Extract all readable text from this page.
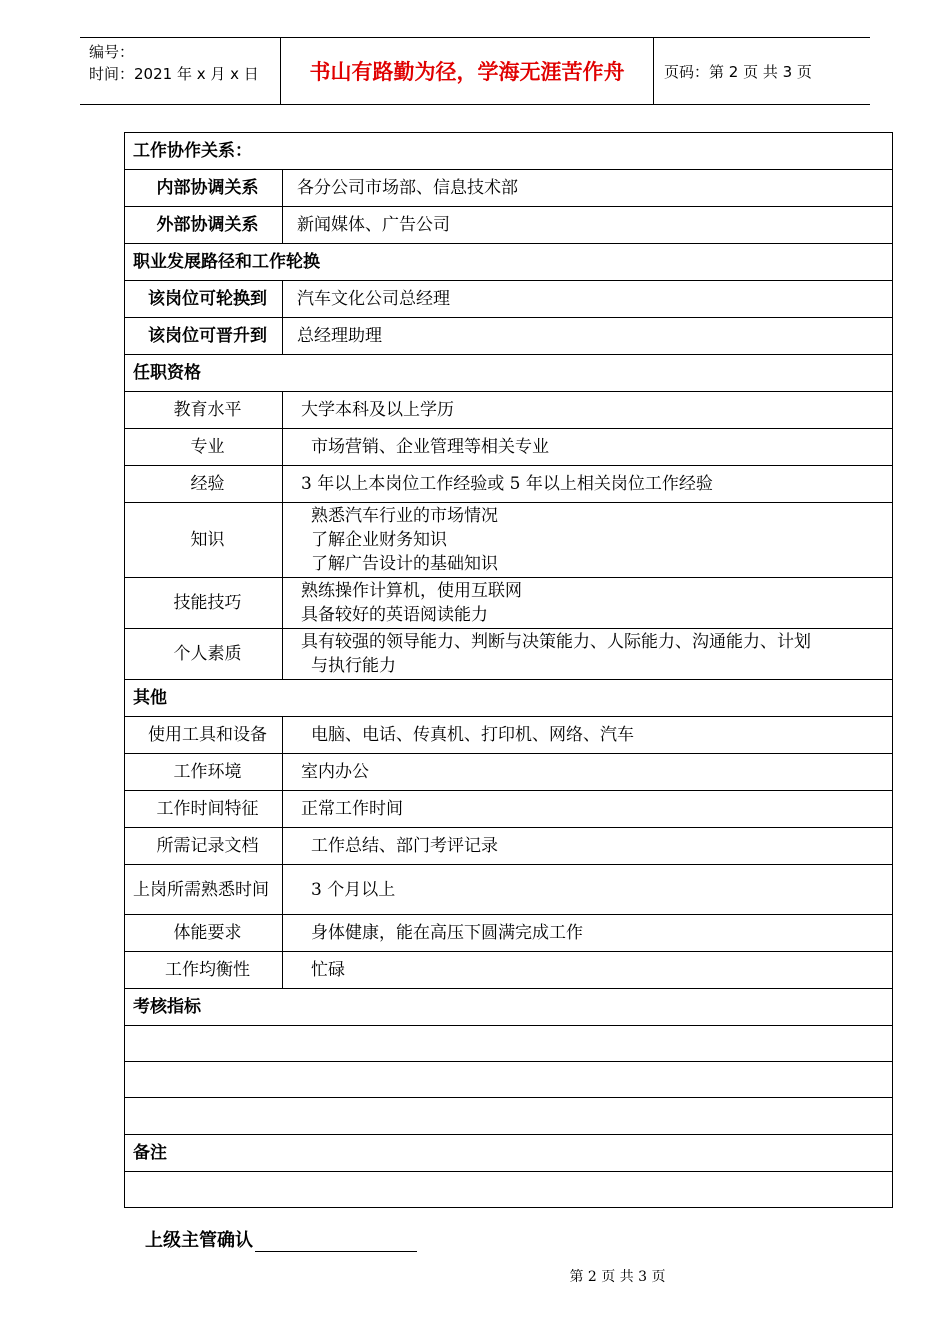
编号：
时间：2021 年 x 月 x 日	书山有路勤为径，学海无涯苦作舟	页码：第 2 页 共 3 页
工作协作关系：	
内部协调关系	各分公司市场部、信息技术部
外部协调关系	新闻媒体、广告公司
职业发展路径和工作轮换	
该岗位可轮换到	汽车文化公司总经理
该岗位可晋升到	总经理助理
任职资格	
教育水平	大学本科及以上学历
专业	市场营销、企业管理等相关专业
经验	3 年以上本岗位工作经验或 5 年以上相关岗位工作经验
知识	熟悉汽车行业的市场情况
了解企业财务知识
了解广告设计的基础知识

技能技巧	熟练操作计算机，使用互联网
具备较好的英语阅读能力

个人素质	具有较强的领导能力、判断与决策能力、人际能力、沟通能力、计划
与执行能力

其他	
使用工具和设备	电脑、电话、传真机、打印机、网络、汽车
工作环境	室内办公
工作时间特征	正常工作时间
所需记录文档	工作总结、部门考评记录
上岗所需熟悉时间	3 个月以上
体能要求	身体健康，能在高压下圆满完成工作
工作均衡性	忙碌
考核指标	

备注	

上级主管确认
第 2 页 共 3 页
